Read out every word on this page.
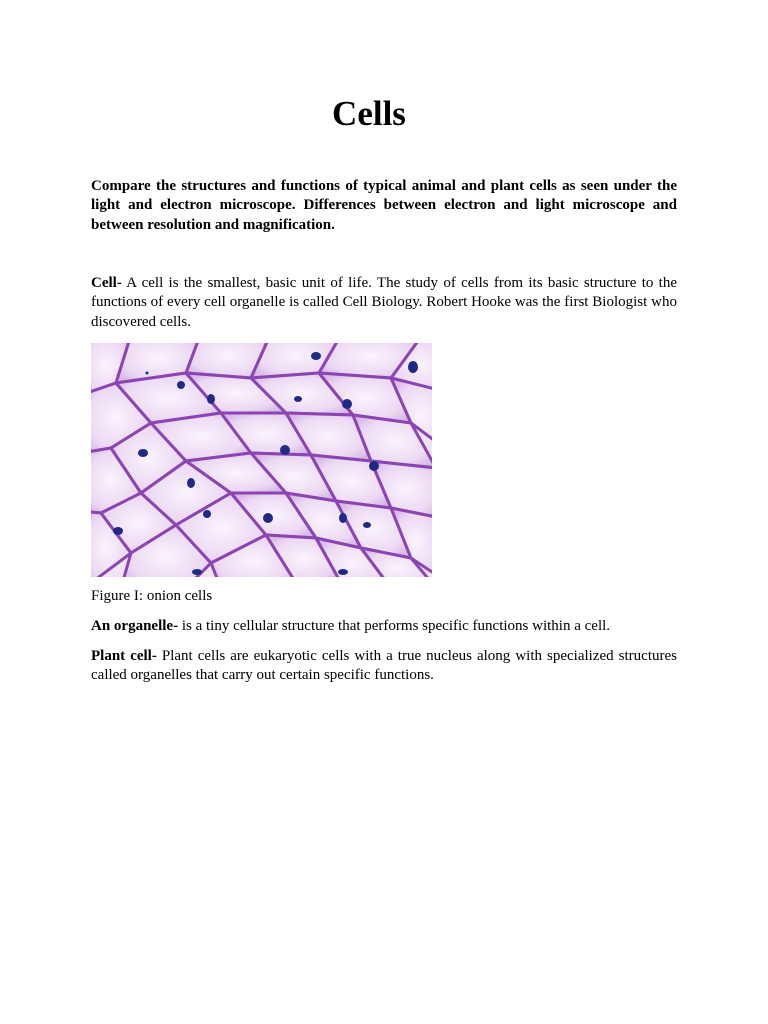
Cells

Compare the structures and functions of typical animal and plant cells as seen under the light and electron microscope. Differences between electron and light microscope and between resolution and magnification.

Cell- A cell is the smallest, basic unit of life. The study of cells from its basic structure to the functions of every cell organelle is called Cell Biology. Robert Hooke was the first Biologist who discovered cells.

Figure I: onion cells

An organelle- is a tiny cellular structure that performs specific functions within a cell.

Plant cell- Plant cells are eukaryotic cells with a true nucleus along with specialized structures called organelles that carry out certain specific functions.
